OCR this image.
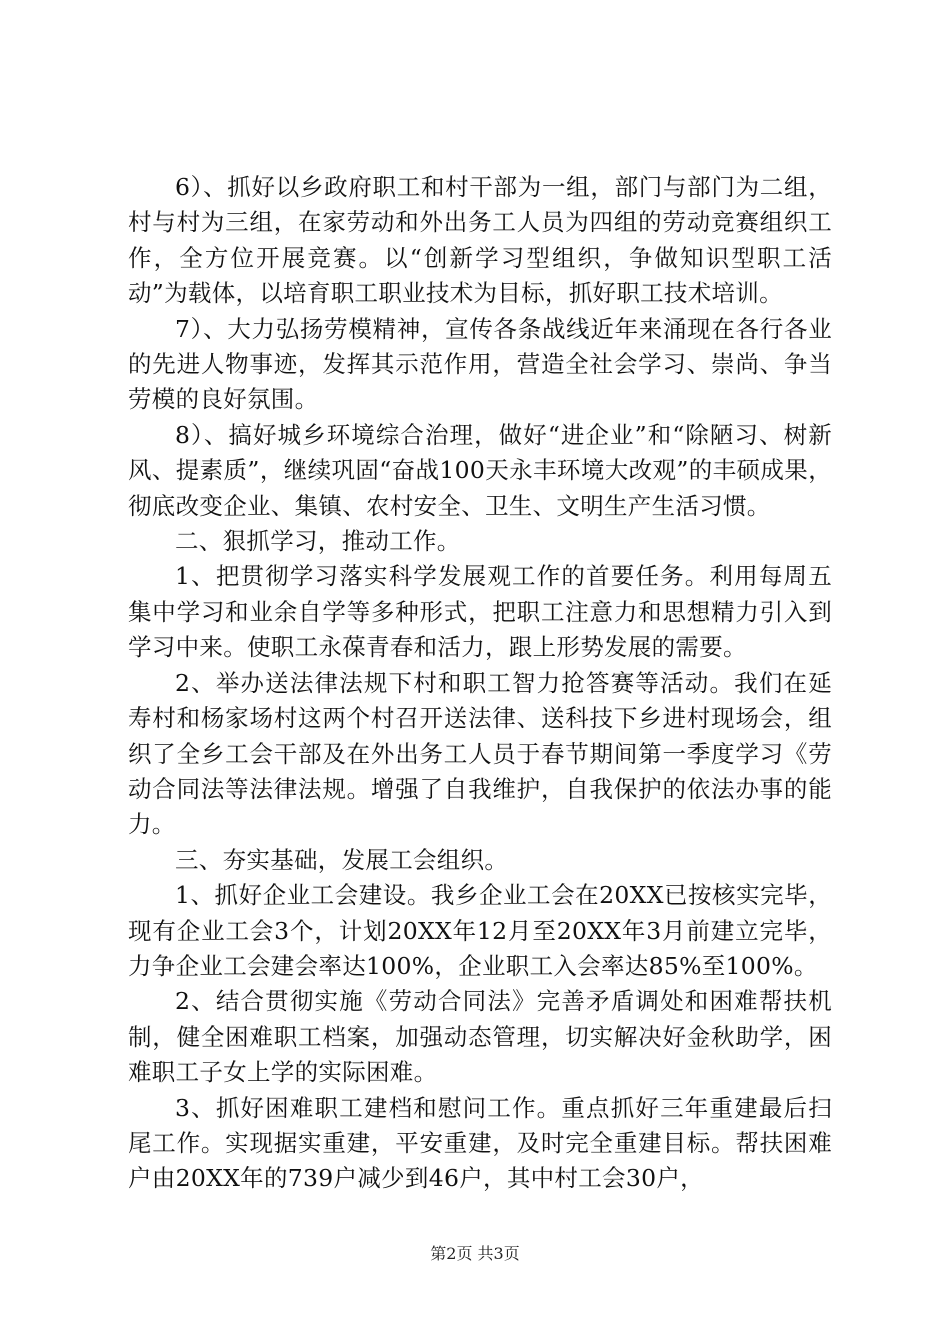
6）、抓好以乡政府职工和村干部为一组，部门与部门为二组，村与村为三组，在家劳动和外出务工人员为四组的劳动竞赛组织工作，全方位开展竞赛。以“创新学习型组织，争做知识型职工活动”为载体，以培育职工职业技术为目标，抓好职工技术培训。

7）、大力弘扬劳模精神，宣传各条战线近年来涌现在各行各业的先进人物事迹，发挥其示范作用，营造全社会学习、崇尚、争当劳模的良好氛围。

8）、搞好城乡环境综合治理，做好“进企业”和“除陋习、树新风、提素质”，继续巩固“奋战100天永丰环境大改观”的丰硕成果，彻底改变企业、集镇、农村安全、卫生、文明生产生活习惯。

二、狠抓学习，推动工作。

1、把贯彻学习落实科学发展观工作的首要任务。利用每周五集中学习和业余自学等多种形式，把职工注意力和思想精力引入到学习中来。使职工永葆青春和活力，跟上形势发展的需要。

2、举办送法律法规下村和职工智力抢答赛等活动。我们在延寿村和杨家场村这两个村召开送法律、送科技下乡进村现场会，组织了全乡工会干部及在外出务工人员于春节期间第一季度学习《劳动合同法等法律法规。增强了自我维护，自我保护的依法办事的能力。

三、夯实基础，发展工会组织。

1、抓好企业工会建设。我乡企业工会在20XX已按核实完毕，现有企业工会3个，计划20XX年12月至20XX年3月前建立完毕，力争企业工会建会率达100%，企业职工入会率达85%至100%。

2、结合贯彻实施《劳动合同法》完善矛盾调处和困难帮扶机制，健全困难职工档案，加强动态管理，切实解决好金秋助学，困难职工子女上学的实际困难。

3、抓好困难职工建档和慰问工作。重点抓好三年重建最后扫尾工作。实现据实重建，平安重建，及时完全重建目标。帮扶困难户由20XX年的739户减少到46户，其中村工会30户，

第2页 共3页
